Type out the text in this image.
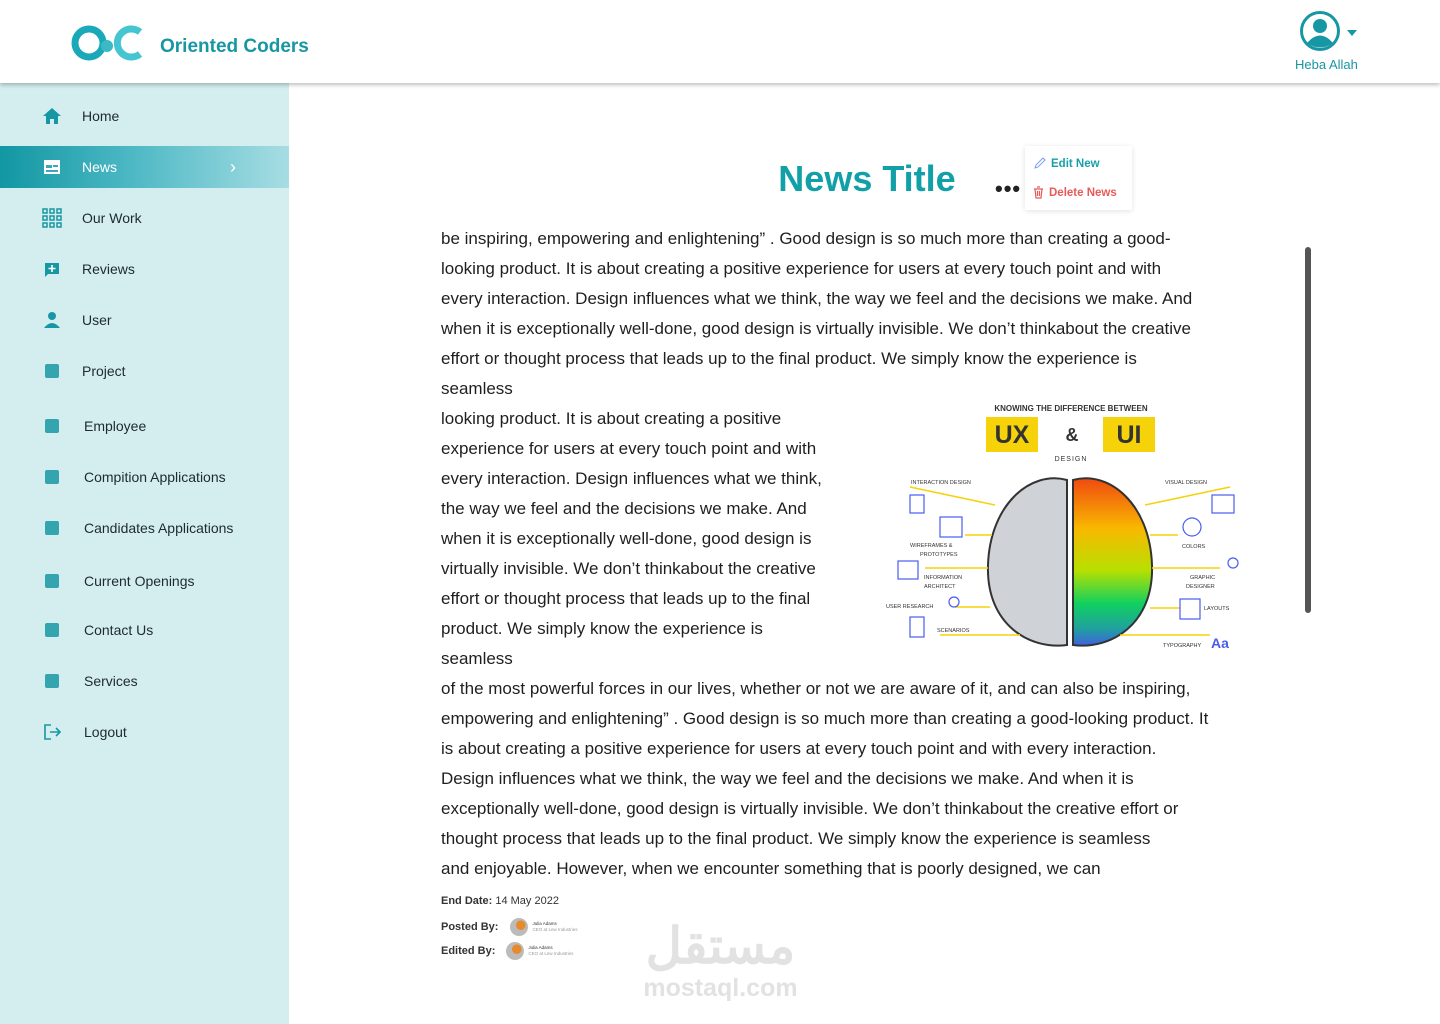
Oriented Coders
Heba Allah
Home
News	›
Our Work
Reviews
User
Project
Employee
Compition Applications
Candidates Applications
Current Openings
Contact Us
Services
Logout
News Title	•••
Edit New
Delete News
be inspiring, empowering and enlightening” . Good design is so much more than creating a good-
looking product. It is about creating a positive experience for users at every touch point and with
every interaction. Design influences what we think, the way we feel and the decisions we make. And
when it is exceptionally well-done, good design is virtually invisible. We don’t thinkabout the creative
effort or thought process that leads up to the final product. We simply know the experience is
seamless
looking product. It is about creating a positive
experience for users at every touch point and with
every interaction. Design influences what we think,
the way we feel and the decisions we make. And
when it is exceptionally well-done, good design is
virtually invisible. We don’t thinkabout the creative
effort or thought process that leads up to the final
product. We simply know the experience is
seamless
of the most powerful forces in our lives, whether or not we are aware of it, and can also be inspiring,
empowering and enlightening” . Good design is so much more than creating a good-looking product. It
is about creating a positive experience for users at every touch point and with every interaction.
Design influences what we think, the way we feel and the decisions we make. And when it is
exceptionally well-done, good design is virtually invisible. We don’t thinkabout the creative effort or
thought process that leads up to the final product. We simply know the experience is seamless
and enjoyable. However, when we encounter something that is poorly designed, we can
KNOWING THE DIFFERENCE BETWEEN
UX & UI
DESIGN
INTERACTION DESIGN
WIREFRAMES &
PROTOTYPES
INFORMATION
ARCHITECT
USER RESEARCH
SCENARIOS
VISUAL DESIGN
COLORS
GRAPHIC
DESIGNER
LAYOUTS
TYPOGRAPHY Aa
End Date: 14 May 2022
Posted By:	Julia Adams
CEO at Lew Industries
Edited By:	Julia Adams
CEO at Lew Industries مستقل
mostaql.com
